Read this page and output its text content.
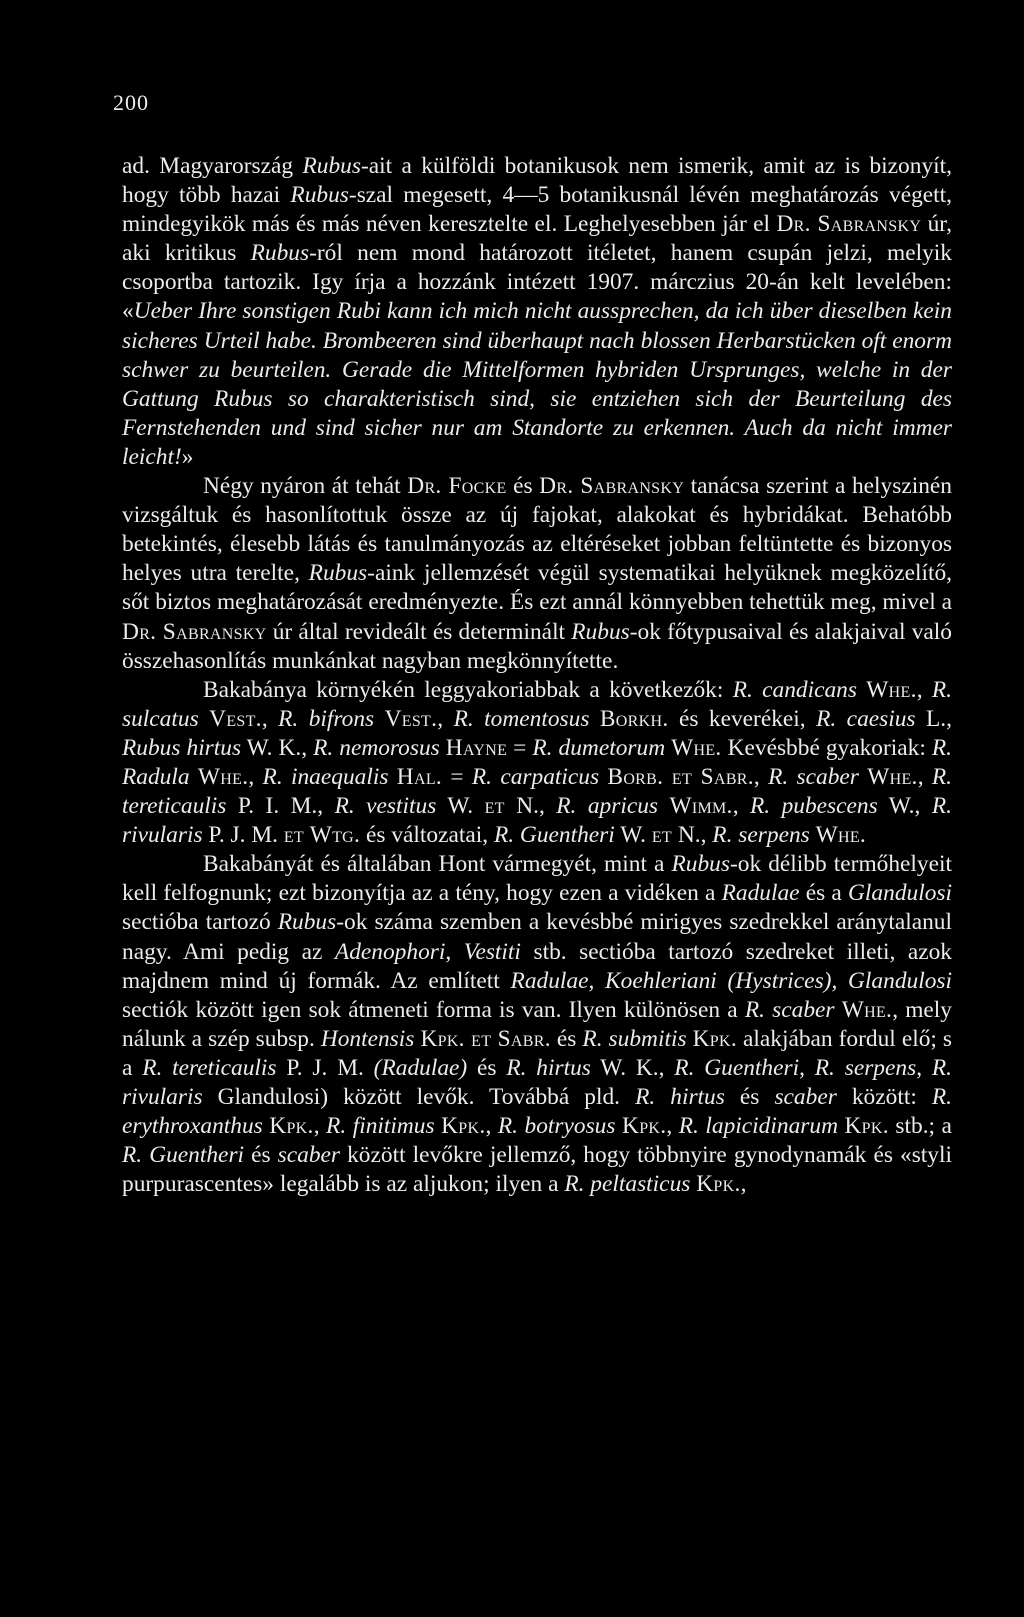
200

ad. Magyarország Rubus-ait a külföldi botanikusok nem ismerik, amit az is bizonyít, hogy több hazai Rubus-szal megesett, 4—5 botanikusnál lévén meghatározás végett, mindegyikök más és más néven keresztelte el. Leghelyesebben jár el Dr. Sabransky úr, aki kritikus Rubus-ról nem mond határozott itéletet, hanem csupán jelzi, melyik csoportba tartozik. Igy írja a hozzánk intézett 1907. márczius 20-án kelt levelében: «Ueber Ihre sonstigen Rubi kann ich mich nicht aussprechen, da ich über dieselben kein sicheres Urteil habe. Brombeeren sind überhaupt nach blossen Herbarstücken oft enorm schwer zu beurteilen. Gerade die Mittelformen hybriden Ursprunges, welche in der Gattung Rubus so charakteristisch sind, sie entziehen sich der Beurteilung des Fernstehenden und sind sicher nur am Standorte zu erkennen. Auch da nicht immer leicht!»

Négy nyáron át tehát Dr. Focke és Dr. Sabransky tanácsa szerint a helyszinén vizsgáltuk és hasonlítottuk össze az új fajokat, alakokat és hybridákat. Behatóbb betekintés, élesebb látás és tanulmányozás az eltéréseket jobban feltüntette és bizonyos helyes utra terelte, Rubus-aink jellemzését végül systematikai helyüknek megközelítő, sőt biztos meghatározását eredményezte. És ezt annál könnyebben tehettük meg, mivel a Dr. Sabransky úr által revideált és determinált Rubus-ok főtypusaival és alakjaival való összehasonlítás munkánkat nagyban megkönnyítette.

Bakabánya környékén leggyakoriabbak a következők: R. candicans Whe., R. sulcatus Vest., R. bifrons Vest., R. tomentosus Borkh. és keverékei, R. caesius L., Rubus hirtus W. K., R. nemorosus Hayne = R. dumetorum Whe. Kevésbbé gyakoriak: R. Radula Whe., R. inaequalis Hal. = R. carpaticus Borb. et Sabr., R. scaber Whe., R. tereticaulis P. I. M., R. vestitus W. et N., R. apricus Wimm., R. pubescens W., R. rivularis P. J. M. et Wtg. és változatai, R. Guentheri W. et N., R. serpens Whe.

Bakabányát és általában Hont vármegyét, mint a Rubus-ok délibb termőhelyeit kell felfognunk; ezt bizonyítja az a tény, hogy ezen a vidéken a Radulae és a Glandulosi sectióba tartozó Rubus-ok száma szemben a kevésbbé mirigyes szedrekkel aránytalanul nagy. Ami pedig az Adenophori, Vestiti stb. sectióba tartozó szedreket illeti, azok majdnem mind új formák. Az említett Radulae, Koehleriani (Hystrices), Glandulosi sectiók között igen sok átmeneti forma is van. Ilyen különösen a R. scaber Whe., mely nálunk a szép subsp. Hontensis Kpk. et Sabr. és R. submitis Kpk. alakjában fordul elő; s a R. tereticaulis P. J. M. (Radulae) és R. hirtus W. K., R. Guentheri, R. serpens, R. rivularis Glandulosi) között levők. Továbbá pld. R. hirtus és scaber között: R. erythroxanthus Kpk., R. finitimus Kpk., R. botryosus Kpk., R. lapicidinarum Kpk. stb.; a R. Guentheri és scaber között levőkre jellemző, hogy többnyire gynodynamák és «styli purpurascentes» legalább is az aljukon; ilyen a R. peltasticus Kpk.,
